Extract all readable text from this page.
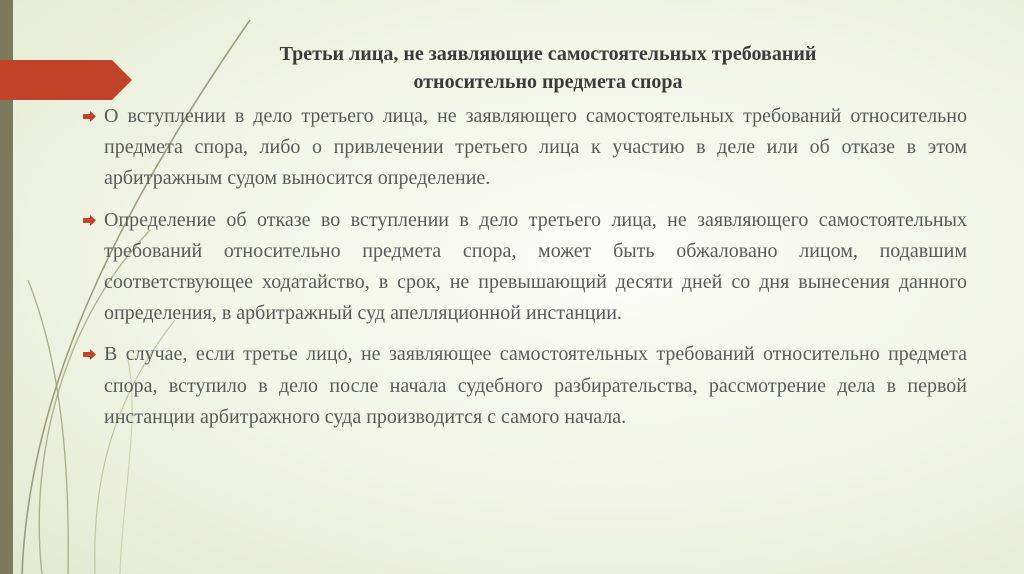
Третьи лица, не заявляющие самостоятельных требований
относительно предмета спора
О вступлении в дело третьего лица, не заявляющего самостоятельных требований относительно предмета спора, либо о привлечении третьего лица к участию в деле или об отказе в этом арбитражным судом выносится определение.
Определение об отказе во вступлении в дело третьего лица, не заявляющего самостоятельных требований относительно предмета спора, может быть обжаловано лицом, подавшим соответствующее ходатайство, в срок, не превышающий десяти дней со дня вынесения данного определения, в арбитражный суд апелляционной инстанции.
В случае, если третье лицо, не заявляющее самостоятельных требований относительно предмета спора, вступило в дело после начала судебного разбирательства, рассмотрение дела в первой инстанции арбитражного суда производится с самого начала.
